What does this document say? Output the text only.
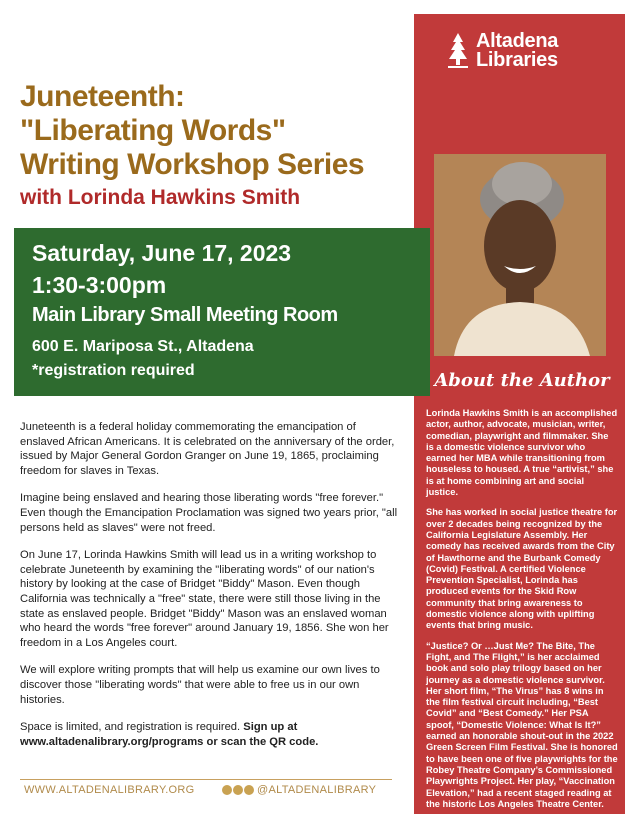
Juneteenth:
"Liberating Words"
Writing Workshop Series
with Lorinda Hawkins Smith
Altadena
Libraries
About the Author

Lorinda Hawkins Smith is an accomplished actor, author, advocate, musician, writer, comedian, playwright and filmmaker. She is a domestic violence survivor who earned her MBA while transitioning from houseless to housed. A true “artivist,” she is at home combining art and social justice.

She has worked in social justice theatre for over 2 decades being recognized by the California Legislature Assembly. Her comedy has received awards from the City of Hawthorne and the Burbank Comedy (Covid) Festival. A certified Violence Prevention Specialist, Lorinda has produced events for the Skid Row community that bring awareness to domestic violence along with uplifting events that bring music.

“Justice? Or …Just Me? The Bite, The Fight, and The Flight,” is her acclaimed book and solo play trilogy based on her journey as a domestic violence survivor. Her short film, “The Virus” has 8 wins in the film festival circuit including, “Best Covid” and “Best Comedy.” Her PSA spoof, “Domestic Violence: What Is It?” earned an honorable shout-out in the 2022 Green Screen Film Festival. She is honored to have been one of five playwrights for the Robey Theatre Company’s Commissioned Playwrights Project. Her play, “Vaccination Elevation,” had a recent staged reading at the historic Los Angeles Theatre Center.

Saturday, June 17, 2023
1:30-3:00pm
Main Library Small Meeting Room
600 E. Mariposa St., Altadena
*registration required

Juneteenth is a federal holiday commemorating the emancipation of enslaved African Americans. It is celebrated on the anniversary of the order, issued by Major General Gordon Granger on June 19, 1865, proclaiming freedom for slaves in Texas.

Imagine being enslaved and hearing those liberating words "free forever." Even though the Emancipation Proclamation was signed two years prior, "all persons held as slaves" were not freed.

On June 17, Lorinda Hawkins Smith will lead us in a writing workshop to celebrate Juneteenth by examining the "liberating words" of our nation's history by looking at the case of Bridget "Biddy" Mason. Even though California was technically a "free" state, there were still those living in the state as enslaved people. Bridget "Biddy" Mason was an enslaved woman who heard the words "free forever" around January 19, 1856. She won her freedom in a Los Angeles court.

We will explore writing prompts that will help us examine our own lives to discover those "liberating words" that were able to free us in our own histories.

Space is limited, and registration is required. Sign up at www.altadenalibrary.org/programs or scan the QR code.

WWW.ALTADENALIBRARY.ORG	@ALTADENALIBRARY
